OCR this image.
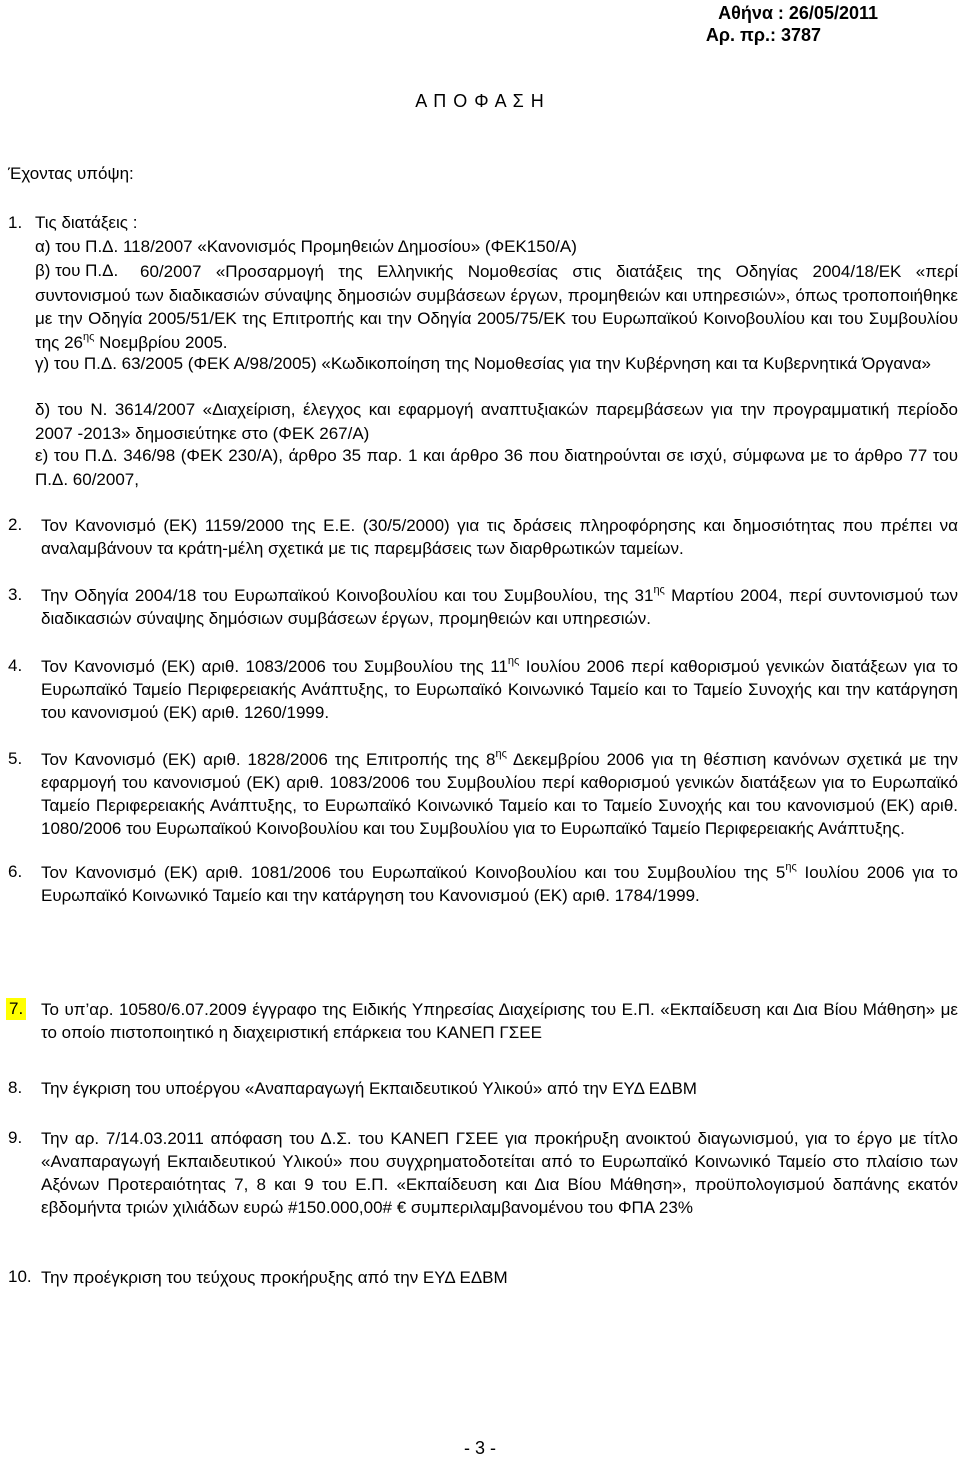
Αθήνα : 26/05/2011
Αρ. πρ.: 3787
Α Π Ο Φ Α Σ Η
Έχοντας υπόψη:
1. Τις διατάξεις :
α) του Π.Δ. 118/2007 «Κανονισμός Προμηθειών Δημοσίου» (ΦΕΚ150/Α)
β) του Π.Δ.	60/2007 «Προσαρμογή της Ελληνικής Νομοθεσίας στις διατάξεις της Οδηγίας 2004/18/ΕΚ «περί συντονισμού των διαδικασιών σύναψης δημοσιών συμβάσεων έργων, προμηθειών και υπηρεσιών», όπως τροποποιήθηκε με την Οδηγία 2005/51/ΕΚ της Επιτροπής και την Οδηγία 2005/75/ΕΚ του Ευρωπαϊκού Κοινοβουλίου και του Συμβουλίου της $26^{\eta\varsigma}$ Νοεμβρίου 2005.
γ) του Π.Δ. 63/2005 (ΦΕΚ Α/98/2005) «Κωδικοποίηση της Νομοθεσίας για την Κυβέρνηση και τα Κυβερνητικά Όργανα»
δ) του Ν. 3614/2007 «Διαχείριση, έλεγχος και εφαρμογή αναπτυξιακών παρεμβάσεων για την προγραμματική περίοδο 2007 -2013» δημοσιεύτηκε στο (ΦΕΚ 267/Α)
ε) του Π.Δ. 346/98 (ΦΕΚ 230/Α), άρθρο 35 παρ. 1 και άρθρο 36 που διατηρούνται σε ισχύ, σύμφωνα με το άρθρο 77 του Π.Δ. 60/2007,
2. Τον Κανονισμό (ΕΚ) 1159/2000 της Ε.Ε. (30/5/2000) για τις δράσεις πληροφόρησης και δημοσιότητας που πρέπει να αναλαμβάνουν τα κράτη-μέλη σχετικά με τις παρεμβάσεις των διαρθρωτικών ταμείων.
3. Την Οδηγία 2004/18 του Ευρωπαϊκού Κοινοβουλίου και του Συμβουλίου, της $31^{\eta\varsigma}$ Μαρτίου 2004, περί συντονισμού των διαδικασιών σύναψης δημόσιων συμβάσεων έργων, προμηθειών και υπηρεσιών.
4. Τον Κανονισμό (ΕΚ) αριθ. 1083/2006 του Συμβουλίου της $11^{\eta\varsigma}$ Ιουλίου 2006 περί καθορισμού γενικών διατάξεων για το Ευρωπαϊκό Ταμείο Περιφερειακής Ανάπτυξης, το Ευρωπαϊκό Κοινωνικό Ταμείο και το Ταμείο Συνοχής και την κατάργηση του κανονισμού (ΕΚ) αριθ. 1260/1999.
5. Τον Κανονισμό (ΕΚ) αριθ. 1828/2006 της Επιτροπής της $8^{\eta\varsigma}$ Δεκεμβρίου 2006 για τη θέσπιση κανόνων σχετικά με την εφαρμογή του κανονισμού (ΕΚ) αριθ. 1083/2006 του Συμβουλίου περί καθορισμού γενικών διατάξεων για το Ευρωπαϊκό Ταμείο Περιφερειακής Ανάπτυξης, το Ευρωπαϊκό Κοινωνικό Ταμείο και το Ταμείο Συνοχής και του κανονισμού (ΕΚ) αριθ. 1080/2006 του Ευρωπαϊκού Κοινοβουλίου και του Συμβουλίου για το Ευρωπαϊκό Ταμείο Περιφερειακής Ανάπτυξης.
6. Τον Κανονισμό (ΕΚ) αριθ. 1081/2006 του Ευρωπαϊκού Κοινοβουλίου και του Συμβουλίου της $5^{\eta\varsigma}$ Ιουλίου 2006 για το Ευρωπαϊκό Κοινωνικό Ταμείο και την κατάργηση του Κανονισμού (ΕΚ) αριθ. 1784/1999.
7. Το υπ’αρ. 10580/6.07.2009 έγγραφο της Ειδικής Υπηρεσίας Διαχείρισης του Ε.Π. «Εκπαίδευση και Δια Βίου Μάθηση» με το οποίο πιστοποιητικό η διαχειριστική επάρκεια του ΚΑΝΕΠ ΓΣΕΕ
8. Την έγκριση του υποέργου «Αναπαραγωγή Εκπαιδευτικού Υλικού» από την ΕΥΔ ΕΔΒΜ
9. Την αρ. 7/14.03.2011 απόφαση του Δ.Σ. του ΚΑΝΕΠ ΓΣΕΕ για προκήρυξη ανοικτού διαγωνισμού, για το έργο με τίτλο «Αναπαραγωγή Εκπαιδευτικού Υλικού» που συγχρηματοδοτείται από το Ευρωπαϊκό Κοινωνικό Ταμείο στο πλαίσιο των Αξόνων Προτεραιότητας 7, 8 και 9 του Ε.Π. «Εκπαίδευση και Δια Βίου Μάθηση», προϋπολογισμού δαπάνης εκατόν εβδομήντα τριών χιλιάδων ευρώ #150.000,00# € συμπεριλαμβανομένου του ΦΠΑ 23%
10. Την προέγκριση του τεύχους προκήρυξης από την ΕΥΔ ΕΔΒΜ
- 3 -
